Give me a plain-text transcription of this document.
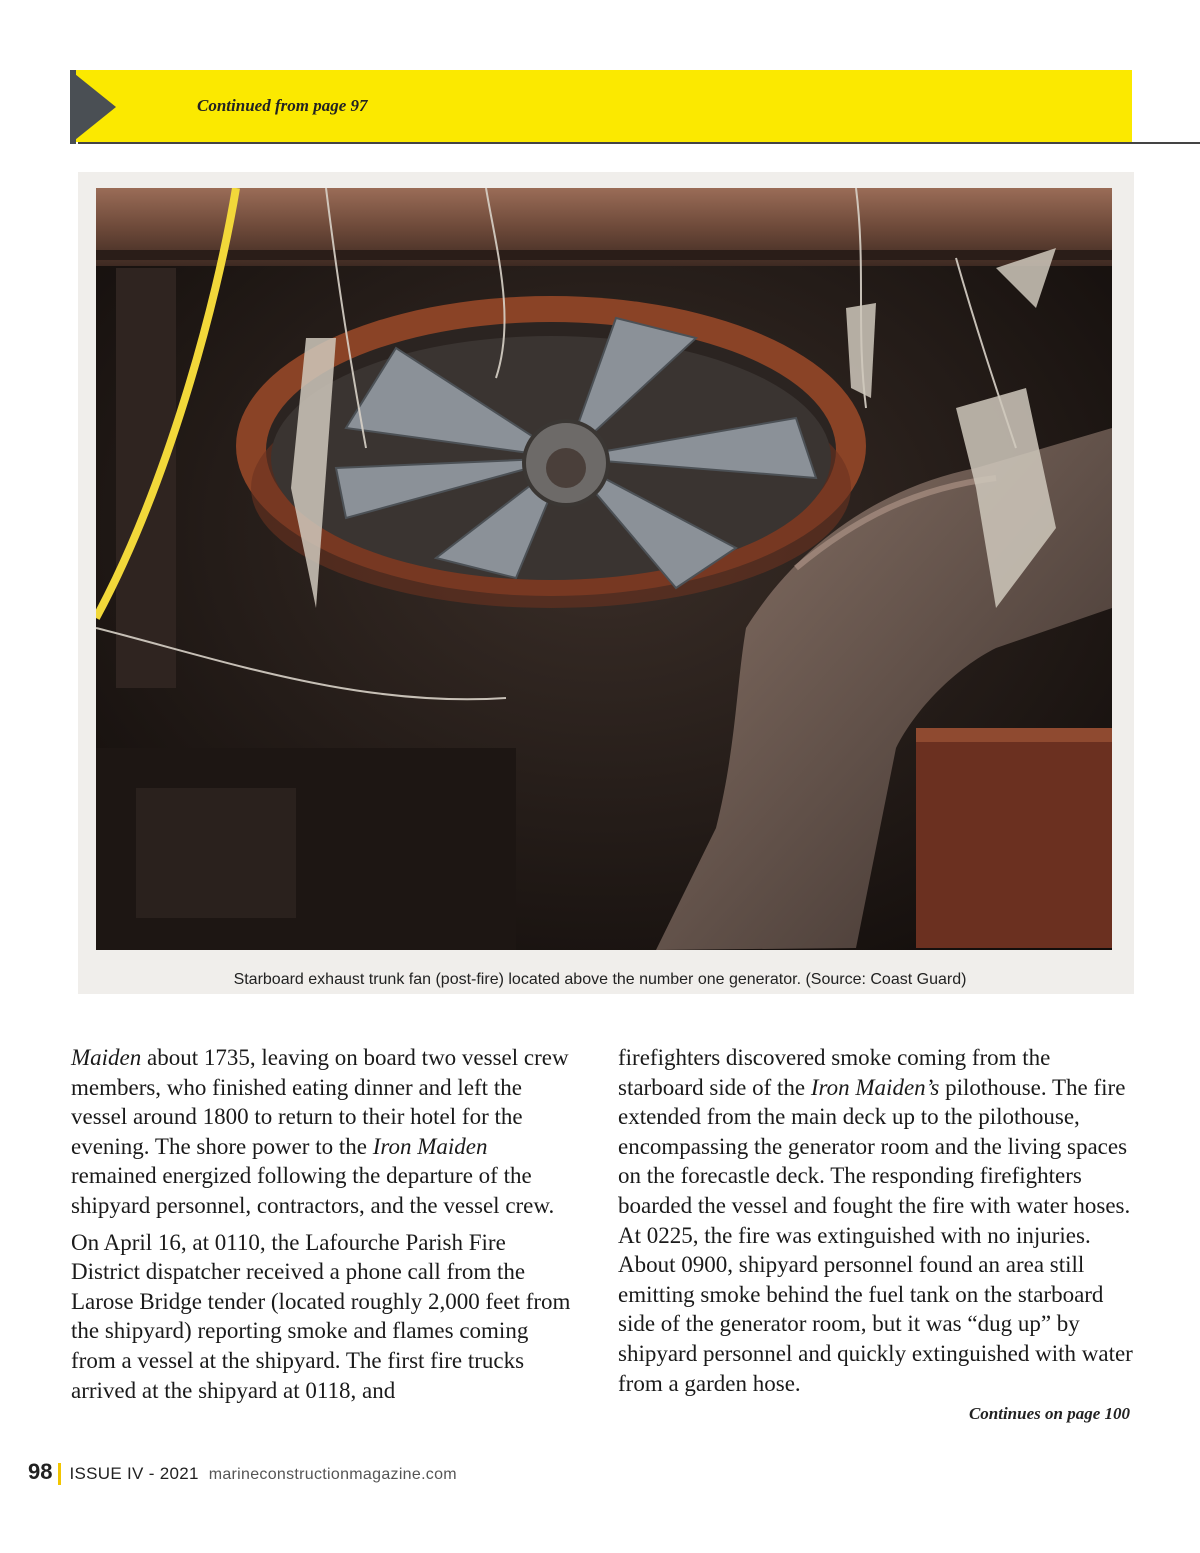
Continued from page 97
Starboard exhaust trunk fan (post-fire) located above the number one generator. (Source: Coast Guard)

Maiden about 1735, leaving on board two vessel crew members, who finished eating dinner and left the vessel around 1800 to return to their hotel for the evening. The shore power to the Iron Maiden remained energized following the departure of the shipyard personnel, contractors, and the vessel crew.

On April 16, at 0110, the Lafourche Parish Fire District dispatcher received a phone call from the Larose Bridge tender (located roughly 2,000 feet from the shipyard) reporting smoke and flames coming from a vessel at the shipyard. The first fire trucks arrived at the shipyard at 0118, and

firefighters discovered smoke coming from the starboard side of the Iron Maiden’s pilothouse. The fire extended from the main deck up to the pilothouse, encompassing the generator room and the living spaces on the forecastle deck. The responding firefighters boarded the vessel and fought the fire with water hoses. At 0225, the fire was extinguished with no injuries. About 0900, shipyard personnel found an area still emitting smoke behind the fuel tank on the starboard side of the generator room, but it was “dug up” by shipyard personnel and quickly extinguished with water from a garden hose.

Continues on page 100
98 ISSUE IV - 2021 marineconstructionmagazine.com
